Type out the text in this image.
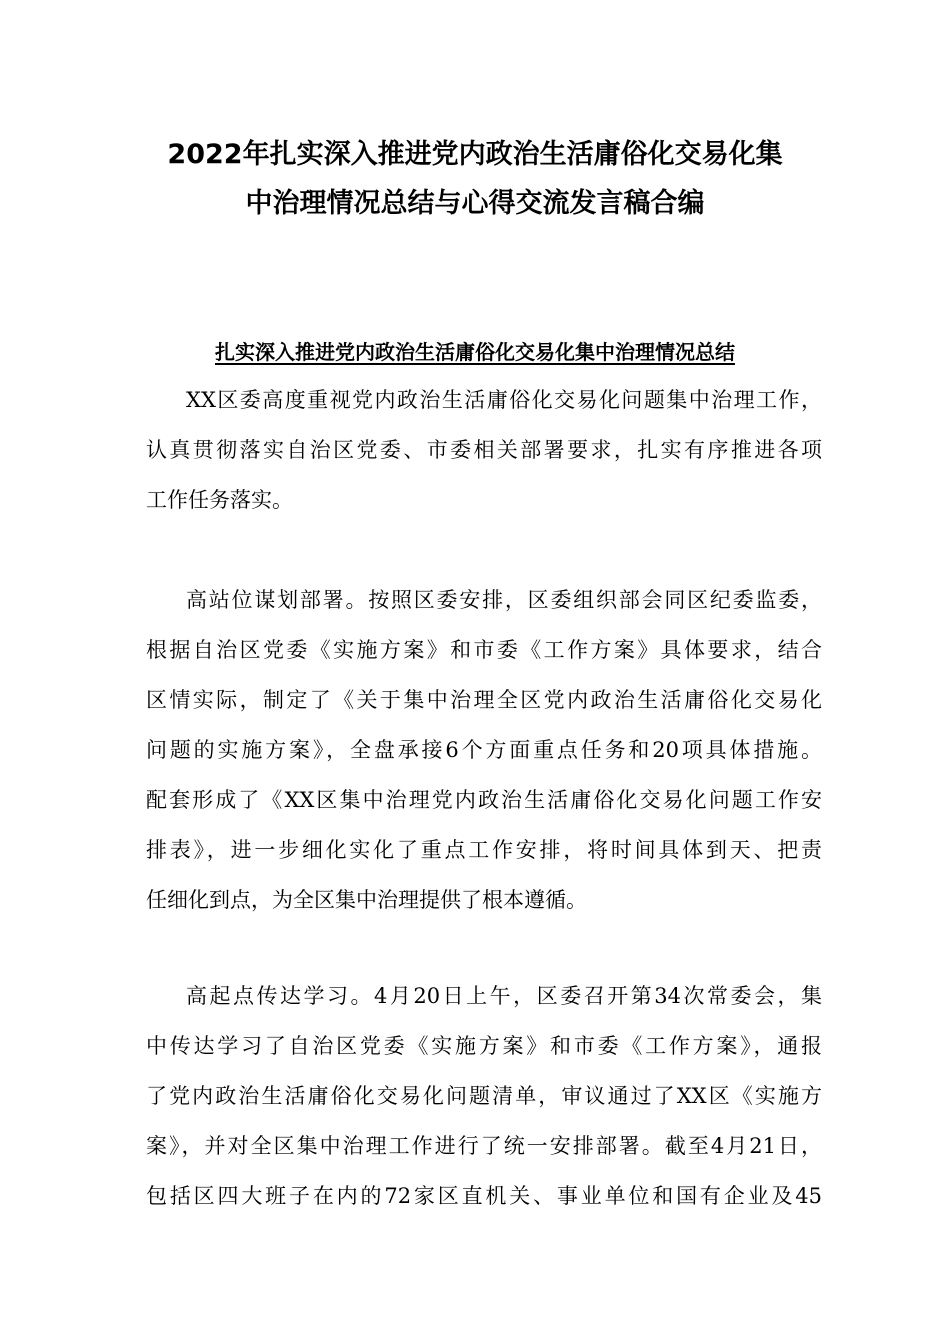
2022年扎实深入推进党内政治生活庸俗化交易化集
中治理情况总结与心得交流发言稿合编
扎实深入推进党内政治生活庸俗化交易化集中治理情况总结
XX区委高度重视党内政治生活庸俗化交易化问题集中治理工作，
认真贯彻落实自治区党委、市委相关部署要求，扎实有序推进各项
工作任务落实。
高站位谋划部署。按照区委安排，区委组织部会同区纪委监委，
根据自治区党委《实施方案》和市委《工作方案》具体要求，结合
区情实际，制定了《关于集中治理全区党内政治生活庸俗化交易化
问题的实施方案》，全盘承接6个方面重点任务和20项具体措施。
配套形成了《XX区集中治理党内政治生活庸俗化交易化问题工作安
排表》，进一步细化实化了重点工作安排，将时间具体到天、把责
任细化到点，为全区集中治理提供了根本遵循。
高起点传达学习。4月20日上午，区委召开第34次常委会，集
中传达学习了自治区党委《实施方案》和市委《工作方案》，通报
了党内政治生活庸俗化交易化问题清单，审议通过了XX区《实施方
案》，并对全区集中治理工作进行了统一安排部署。截至4月21日，
包括区四大班子在内的72家区直机关、事业单位和国有企业及45
